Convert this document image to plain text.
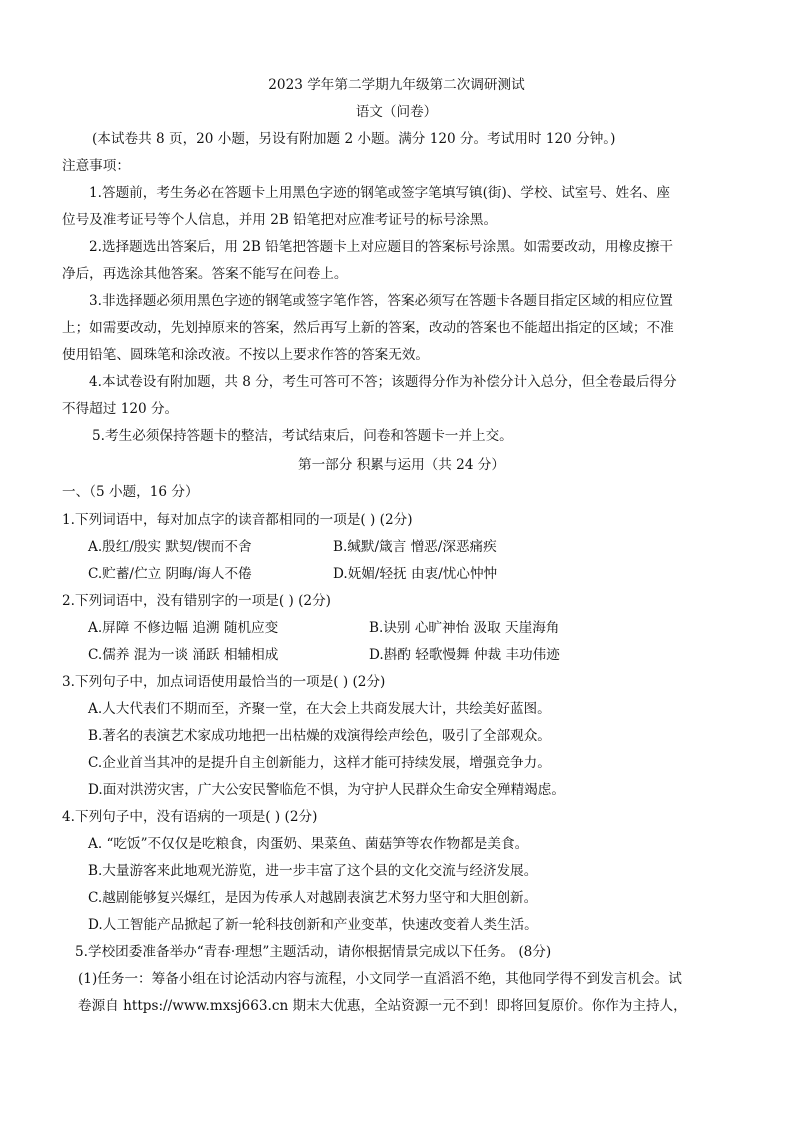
2023 学年第二学期九年级第二次调研测试
语文（问卷）
(本试卷共 8 页，20 小题，另设有附加题 2 小题。满分 120 分。考试用时 120 分钟。)
注意事项：
1.答题前，考生务必在答题卡上用黑色字迹的钢笔或签字笔填写镇(街)、学校、试室号、姓名、座
位号及准考证号等个人信息，并用 2B 铅笔把对应准考证号的标号涂黑。
2.选择题选出答案后，用 2B 铅笔把答题卡上对应题目的答案标号涂黑。如需要改动，用橡皮擦干
净后，再选涂其他答案。答案不能写在问卷上。
3.非选择题必须用黑色字迹的钢笔或签字笔作答，答案必须写在答题卡各题目指定区域的相应位置
上；如需要改动，先划掉原来的答案，然后再写上新的答案，改动的答案也不能超出指定的区域；不准
使用铅笔、圆珠笔和涂改液。不按以上要求作答的答案无效。
4.本试卷设有附加题，共 8 分，考生可答可不答；该题得分作为补偿分计入总分，但全卷最后得分
不得超过 120 分。
5.考生必须保持答题卡的整洁，考试结束后，问卷和答题卡一并上交。
第一部分 积累与运用（共 24 分）
一、（5 小题，16 分）
1.下列词语中，每对加点字的读音都相同的一项是( ) (2分)
A.殷红/殷实 默契/锲而不舍	B.缄默/箴言 憎恶/深恶痛疾
C.贮蓄/伫立 阴晦/诲人不倦	D.妩媚/轻抚 由衷/忧心忡忡
2.下列词语中，没有错别字的一项是( ) (2分)
A.屏障 不修边幅 追溯 随机应变	B.诀别 心旷神怡 汲取 天崖海角
C.儒养 混为一谈 涌跃 相辅相成	D.斟酌 轻歌慢舞 仲裁 丰功伟迹
3.下列句子中，加点词语使用最恰当的一项是( ) (2分)
A.人大代表们不期而至，齐聚一堂，在大会上共商发展大计，共绘美好蓝图。
B.著名的表演艺术家成功地把一出枯燥的戏演得绘声绘色，吸引了全部观众。
C.企业首当其冲的是提升自主创新能力，这样才能可持续发展，增强竞争力。
D.面对洪涝灾害，广大公安民警临危不惧，为守护人民群众生命安全殚精竭虑。
4.下列句子中，没有语病的一项是( ) (2分)
A. “吃饭”不仅仅是吃粮食，肉蛋奶、果菜鱼、菌菇笋等农作物都是美食。
B.大量游客来此地观光游览，进一步丰富了这个县的文化交流与经济发展。
C.越剧能够复兴爆红，是因为传承人对越剧表演艺术努力坚守和大胆创新。
D.人工智能产品掀起了新一轮科技创新和产业变革，快速改变着人类生活。
5.学校团委准备举办“青春·理想”主题活动，请你根据情景完成以下任务。 (8分)
(1)任务一：筹备小组在讨论活动内容与流程，小文同学一直滔滔不绝，其他同学得不到发言机会。试
卷源自 https://www.mxsj663.cn 期末大优惠，全站资源一元不到！即将回复原价。你作为主持人，
